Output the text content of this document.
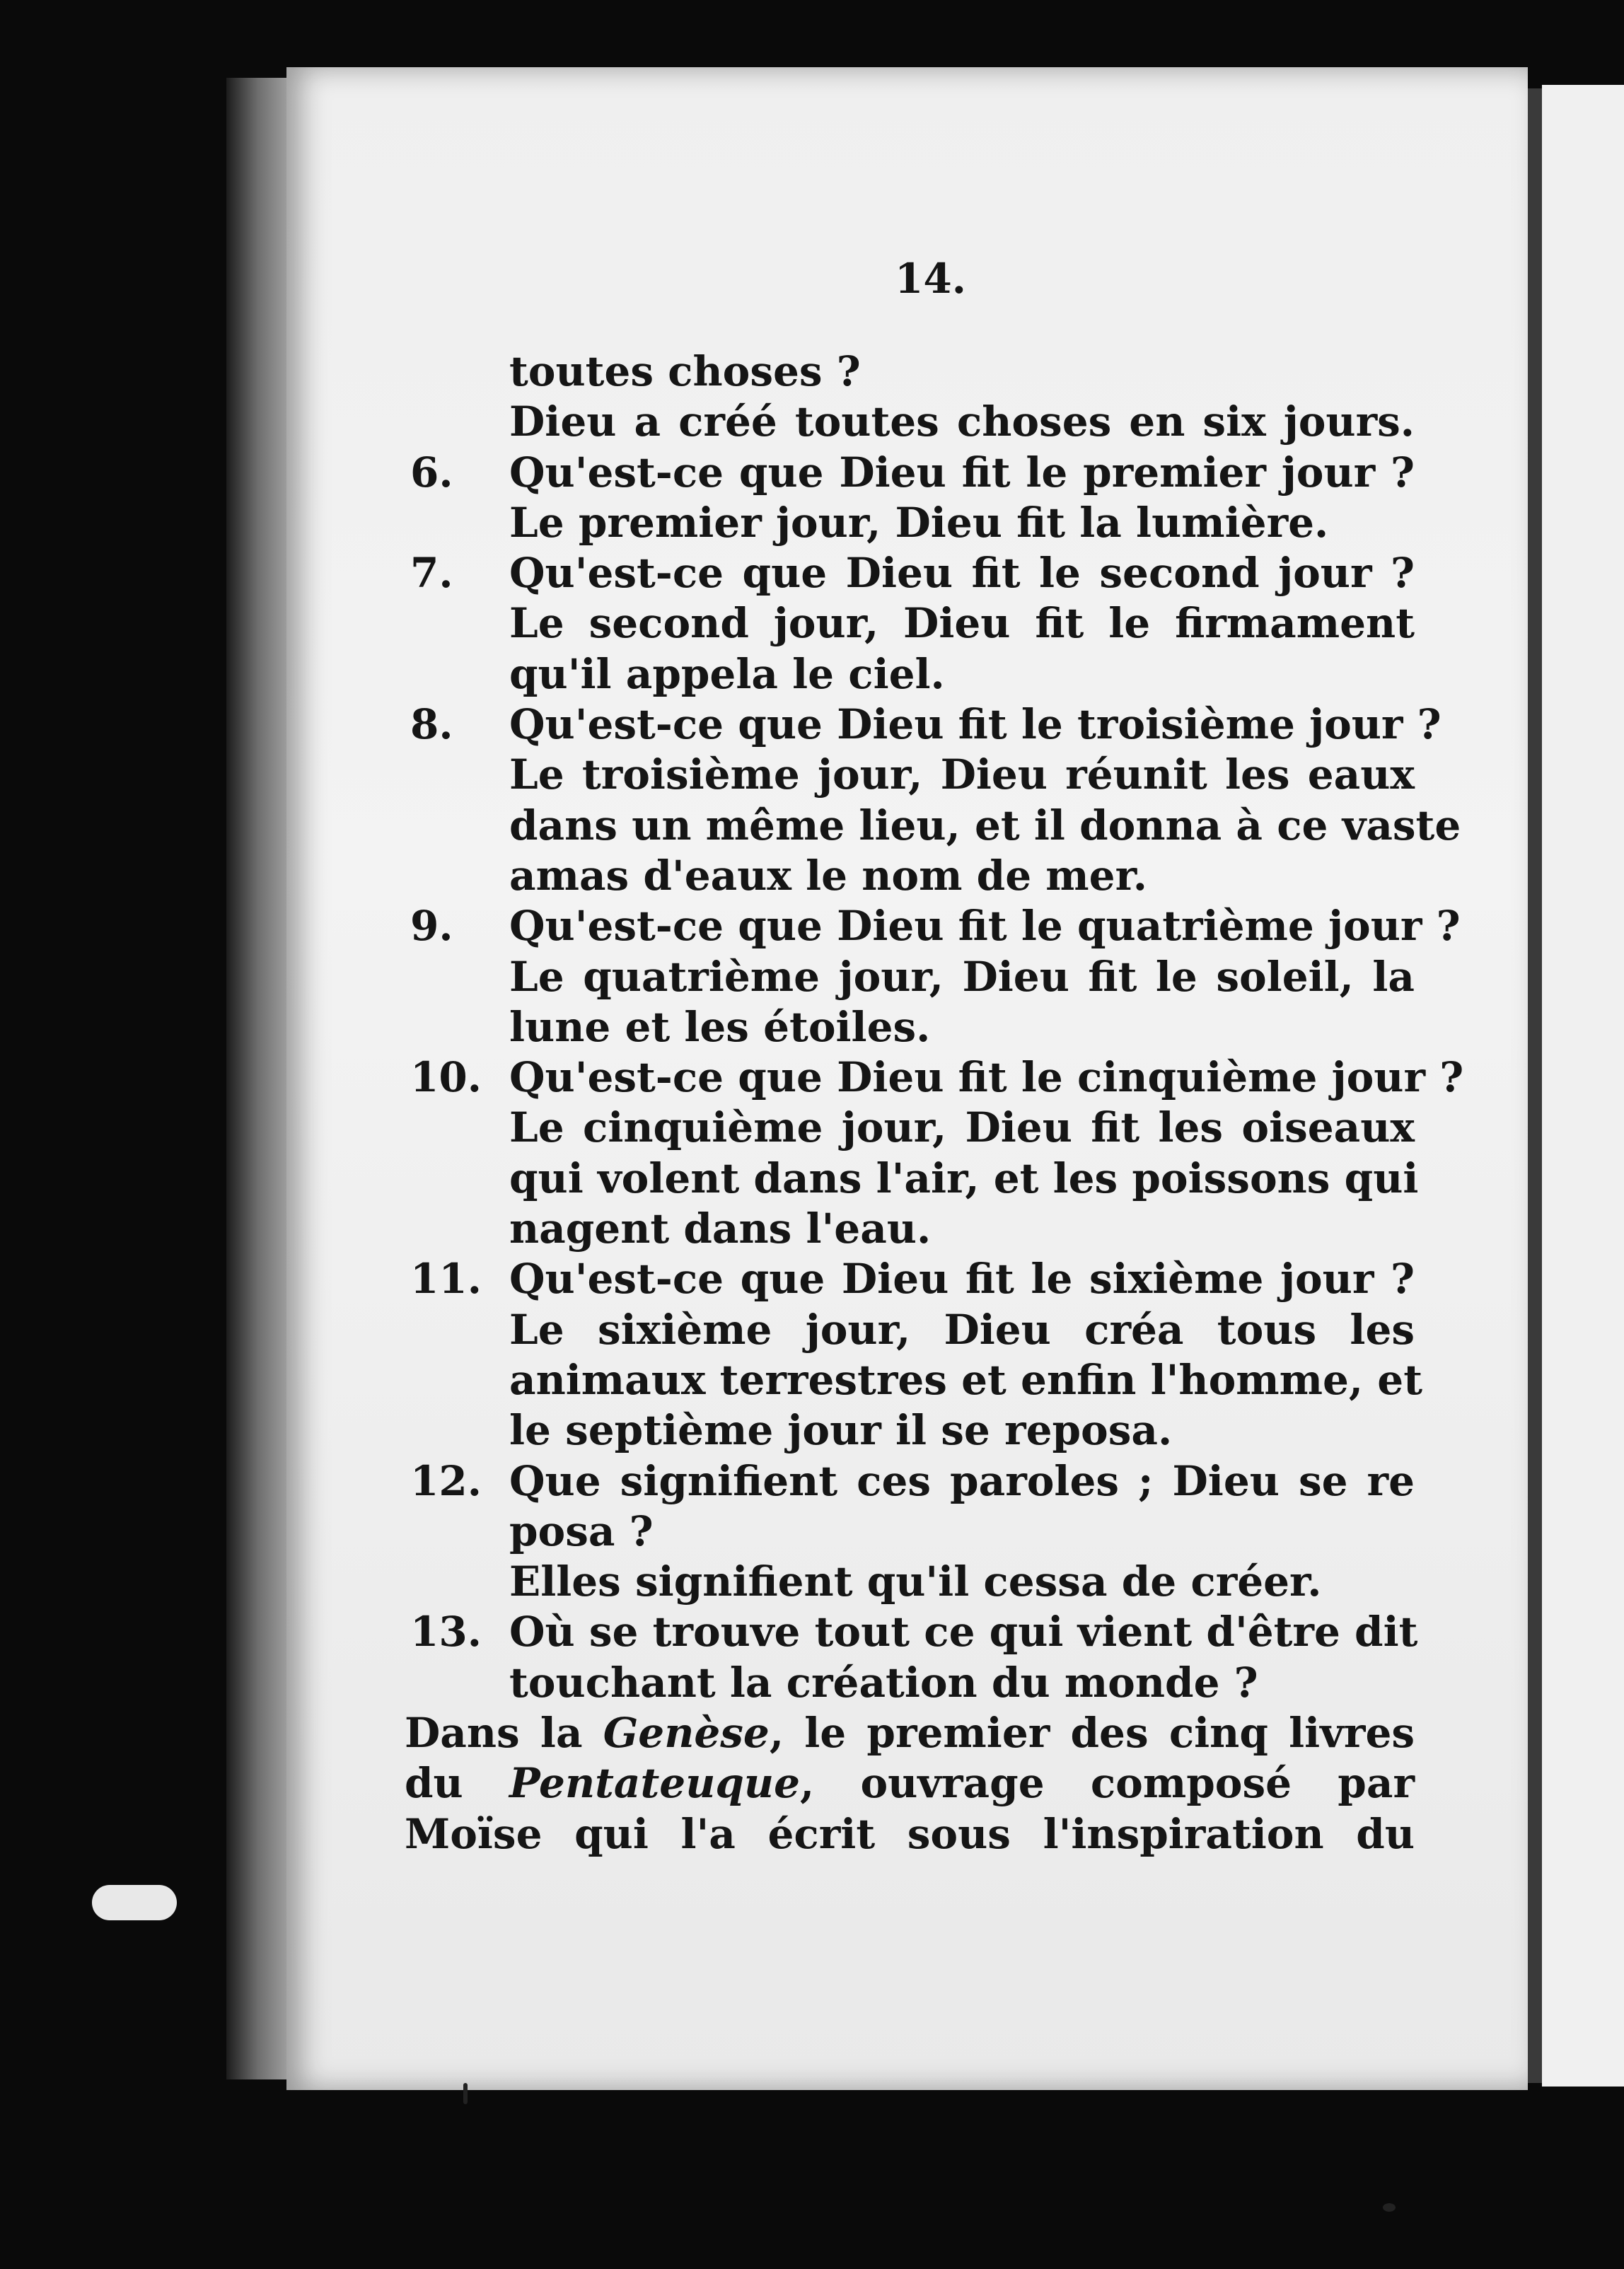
14.
toutes choses ?
Dieu a créé toutes choses en six jours.
6.	Qu'est-ce que Dieu fit le premier jour ?
Le premier jour, Dieu fit la lumière.
7.	Qu'est-ce que Dieu fit le second jour ?
Le second jour, Dieu fit le firmament
qu'il appela le ciel.
8.	Qu'est-ce que Dieu fit le troisième jour ?
Le troisième jour, Dieu réunit les eaux
dans un même lieu, et il donna à ce vaste
amas d'eaux le nom de mer.
9.	Qu'est-ce que Dieu fit le quatrième jour ?
Le quatrième jour, Dieu fit le soleil, la
lune et les étoiles.
10. Qu'est-ce que Dieu fit le cinquième jour ?
Le cinquième jour, Dieu fit les oiseaux
qui volent dans l'air, et les poissons qui
nagent dans l'eau.
11. Qu'est-ce que Dieu fit le sixième jour ?
Le sixième jour, Dieu créa tous les
animaux terrestres et enfin l'homme, et
le septième jour il se reposa.
12. Que signifient ces paroles ; Dieu se re
posa ?
Elles signifient qu'il cessa de créer.
13. Où se trouve tout ce qui vient d'être dit
touchant la création du monde ?
Dans la Genèse, le premier des cinq livres
du Pentateuque, ouvrage composé par
Moïse qui l'a écrit sous l'inspiration du
